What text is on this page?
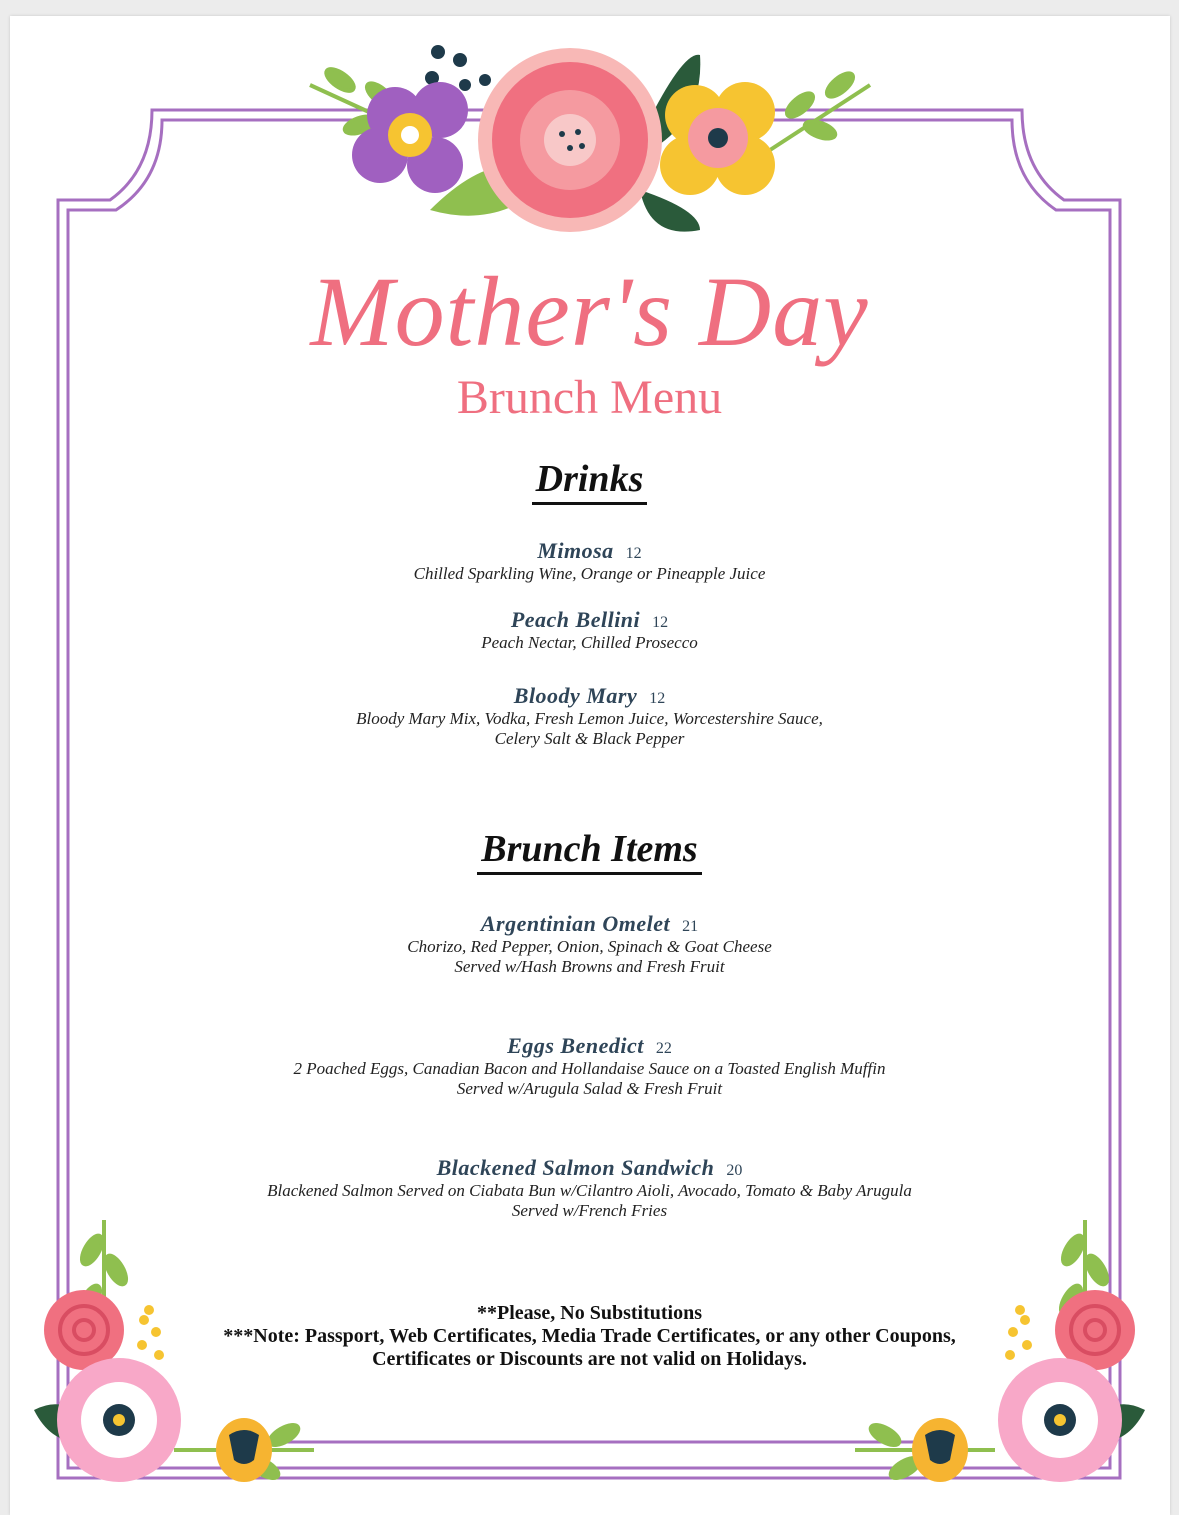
Mother's Day
Brunch Menu
Drinks
Mimosa 12
Chilled Sparkling Wine, Orange or Pineapple Juice
Peach Bellini 12
Peach Nectar, Chilled Prosecco
Bloody Mary 12
Bloody Mary Mix, Vodka, Fresh Lemon Juice, Worcestershire Sauce,
Celery Salt & Black Pepper
Brunch Items
Argentinian Omelet 21
Chorizo, Red Pepper, Onion, Spinach & Goat Cheese
Served w/Hash Browns and Fresh Fruit
Eggs Benedict 22
2 Poached Eggs, Canadian Bacon and Hollandaise Sauce on a Toasted English Muffin
Served w/Arugula Salad & Fresh Fruit
Blackened Salmon Sandwich 20
Blackened Salmon Served on Ciabata Bun w/Cilantro Aioli, Avocado, Tomato & Baby Arugula
Served w/French Fries
**Please, No Substitutions
***Note: Passport, Web Certificates, Media Trade Certificates, or any other Coupons,
Certificates or Discounts are not valid on Holidays.
